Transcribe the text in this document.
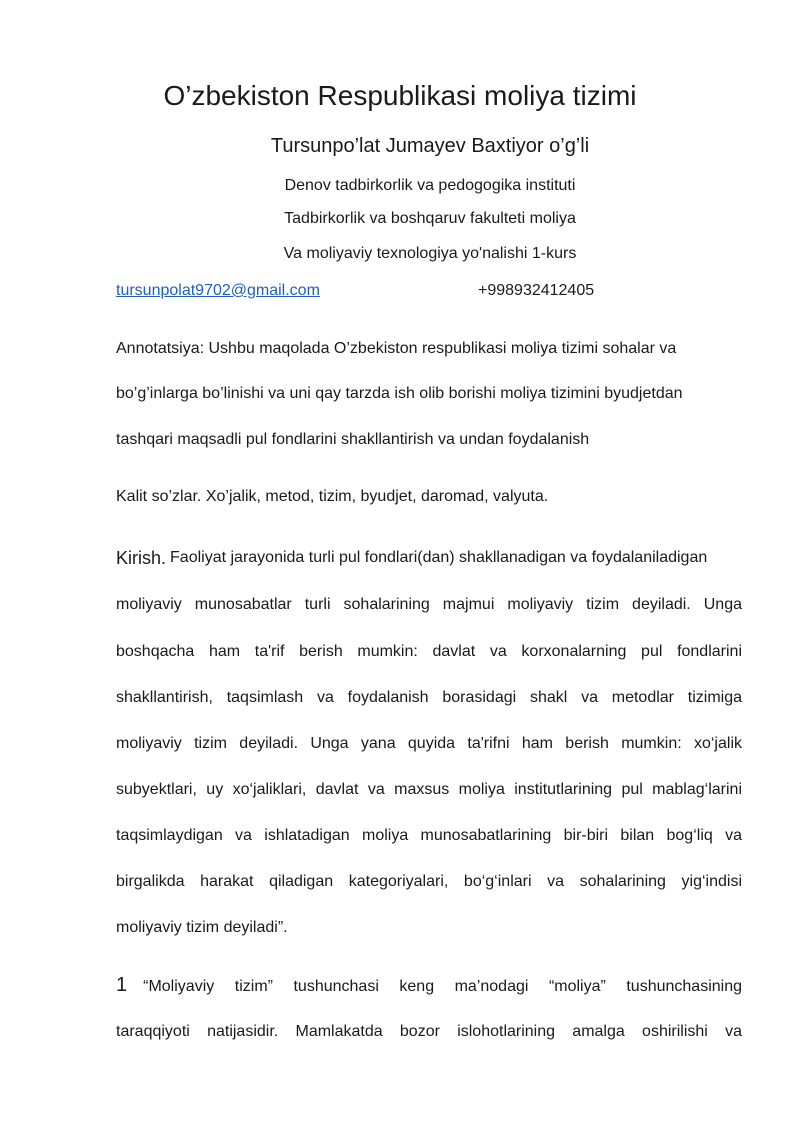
O’zbekiston Respublikasi moliya tizimi
Tursunpo’lat Jumayev Baxtiyor o’g’li
Denov tadbirkorlik va pedogogika instituti
Tadbirkorlik va boshqaruv fakulteti moliya
Va moliyaviy texnologiya yo'nalishi 1-kurs
tursunpolat9702@gmail.com	+998932412405
Annotatsiya: Ushbu maqolada O’zbekiston respublikasi moliya tizimi sohalar va
bo’g’inlarga bo’linishi va uni qay tarzda ish olib borishi moliya tizimini byudjetdan
tashqari maqsadli pul fondlarini shakllantirish va undan foydalanish
Kalit so’zlar. Xo’jalik, metod, tizim, byudjet, daromad, valyuta.
Kirish. Faoliyat jarayonida turli pul fondlari(dan) shakllanadigan va foydalaniladigan
moliyaviy munosabatlar turli sohalarining majmui moliyaviy tizim deyiladi. Unga
boshqacha ham ta'rif berish mumkin: davlat va korxonalarning pul fondlarini
shakllantirish, taqsimlash va foydalanish borasidagi shakl va metodlar tizimiga
moliyaviy tizim deyiladi. Unga yana quyida ta'rifni ham berish mumkin: xo‘jalik
subyektlari, uy xo‘jaliklari, davlat va maxsus moliya institutlarining pul mablag‘larini
taqsimlaydigan va ishlatadigan moliya munosabatlarining bir-biri bilan bog‘liq va
birgalikda harakat qiladigan kategoriyalari, bo‘g‘inlari va sohalarining yig‘indisi
moliyaviy tizim deyiladi”.
1 “Moliyaviy tizim” tushunchasi keng ma’nodagi “moliya” tushunchasining
taraqqiyoti natijasidir. Mamlakatda bozor islohotlarining amalga oshirilishi va
